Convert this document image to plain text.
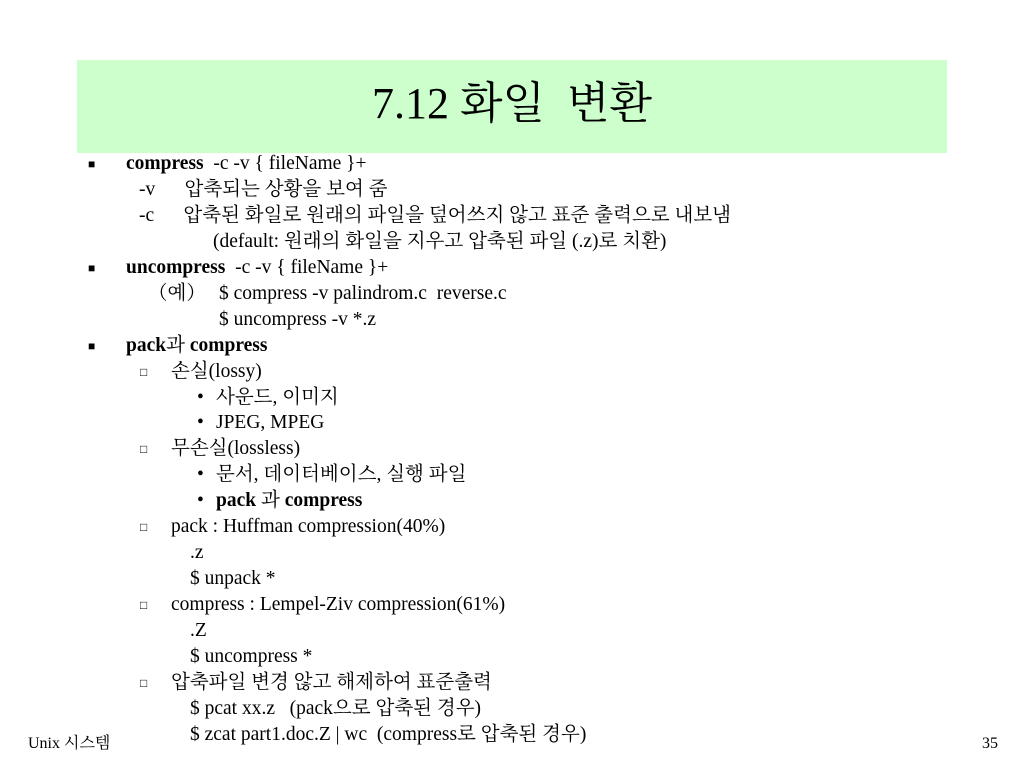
7.12 화일  변환
■ compress  -c -v { fileName }+
-v      압축되는 상황을 보여 줌
-c      압축된 화일로 원래의 파일을 덮어쓰지 않고 표준 출력으로 내보냄
(default: 원래의 화일을 지우고 압축된 파일 (.z)로 치환)
■ uncompress  -c -v { fileName }+
（예） $ compress -v palindrom.c  reverse.c
$ uncompress -v *.z
■ pack과 compress
□ 손실(lossy)
• 사운드, 이미지
• JPEG, MPEG
□ 무손실(lossless)
• 문서, 데이터베이스, 실행 파일
• pack 과 compress
□ pack : Huffman compression(40%)
.z
$ unpack *
□ compress : Lempel-Ziv compression(61%)
.Z
$ uncompress *
□ 압축파일 변경 않고 해제하여 표준출력
$ pcat xx.z   (pack으로 압축된 경우)
$ zcat part1.doc.Z | wc  (compress로 압축된 경우)
Unix 시스템	35
